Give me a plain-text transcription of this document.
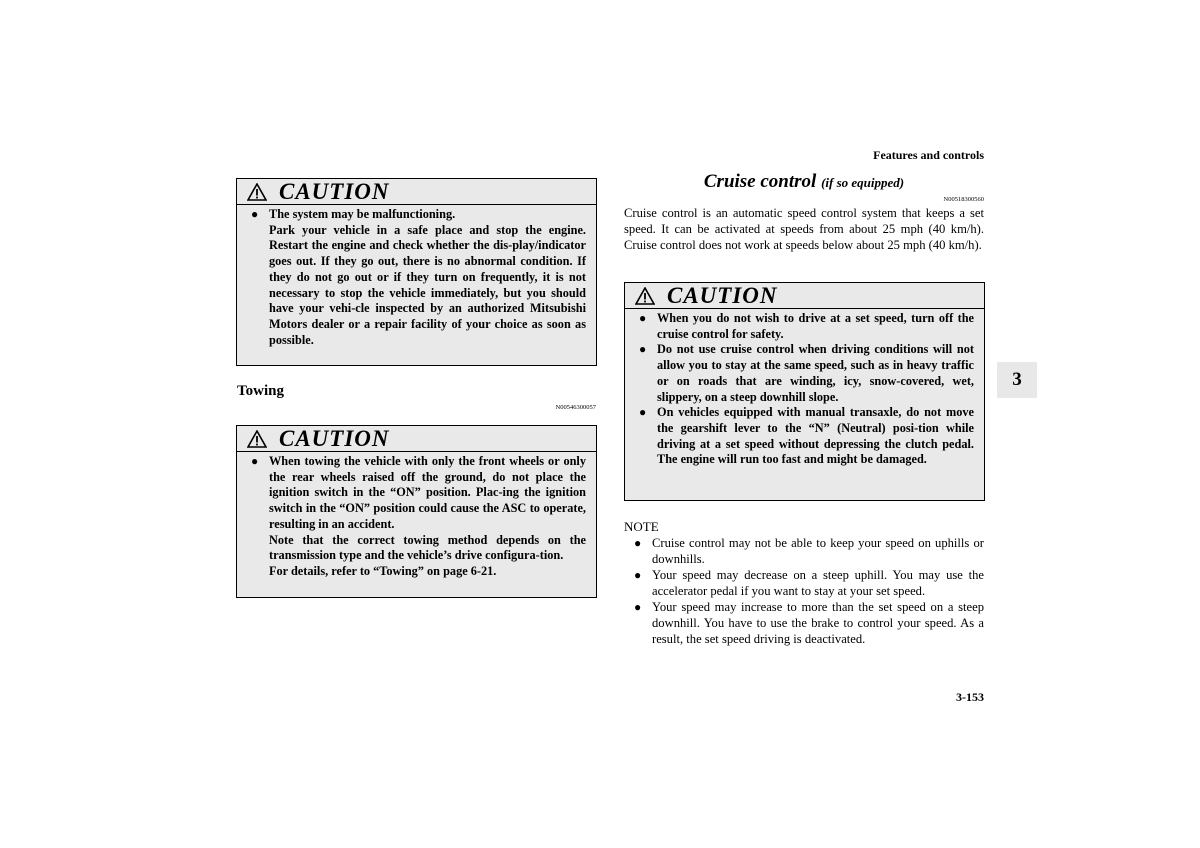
Features and controls
3-153
3
CAUTION
● The system may be malfunctioning.

Park your vehicle in a safe place and stop the engine. Restart the engine and check whether the dis-play/indicator goes out. If they go out, there is no abnormal condition. If they do not go out or if they turn on frequently, it is not necessary to stop the vehicle immediately, but you should have your vehi-cle inspected by an authorized Mitsubishi Motors dealer or a repair facility of your choice as soon as possible.

Towing
N00546300057
CAUTION
● When towing the vehicle with only the front wheels or only the rear wheels raised off the ground, do not place the ignition switch in the “ON” position. Plac-ing the ignition switch in the “ON” position could cause the ASC to operate, resulting in an accident.

Note that the correct towing method depends on the transmission type and the vehicle’s drive configura-tion.

For details, refer to “Towing” on page 6-21.

Cruise control (if so equipped)
N00518300560
Cruise control is an automatic speed control system that keeps a set speed. It can be activated at speeds from about 25 mph (40 km/h). Cruise control does not work at speeds below about 25 mph (40 km/h).
CAUTION
● When you do not wish to drive at a set speed, turn off the cruise control for safety.
● Do not use cruise control when driving conditions will not allow you to stay at the same speed, such as in heavy traffic or on roads that are winding, icy, snow-covered, wet, slippery, on a steep downhill slope.
● On vehicles equipped with manual transaxle, do not move the gearshift lever to the “N” (Neutral) posi-tion while driving at a set speed without depressing the clutch pedal. The engine will run too fast and might be damaged.
NOTE
● Cruise control may not be able to keep your speed on uphills or downhills.
● Your speed may decrease on a steep uphill. You may use the accelerator pedal if you want to stay at your set speed.
● Your speed may increase to more than the set speed on a steep downhill. You have to use the brake to control your speed. As a result, the set speed driving is deactivated.
